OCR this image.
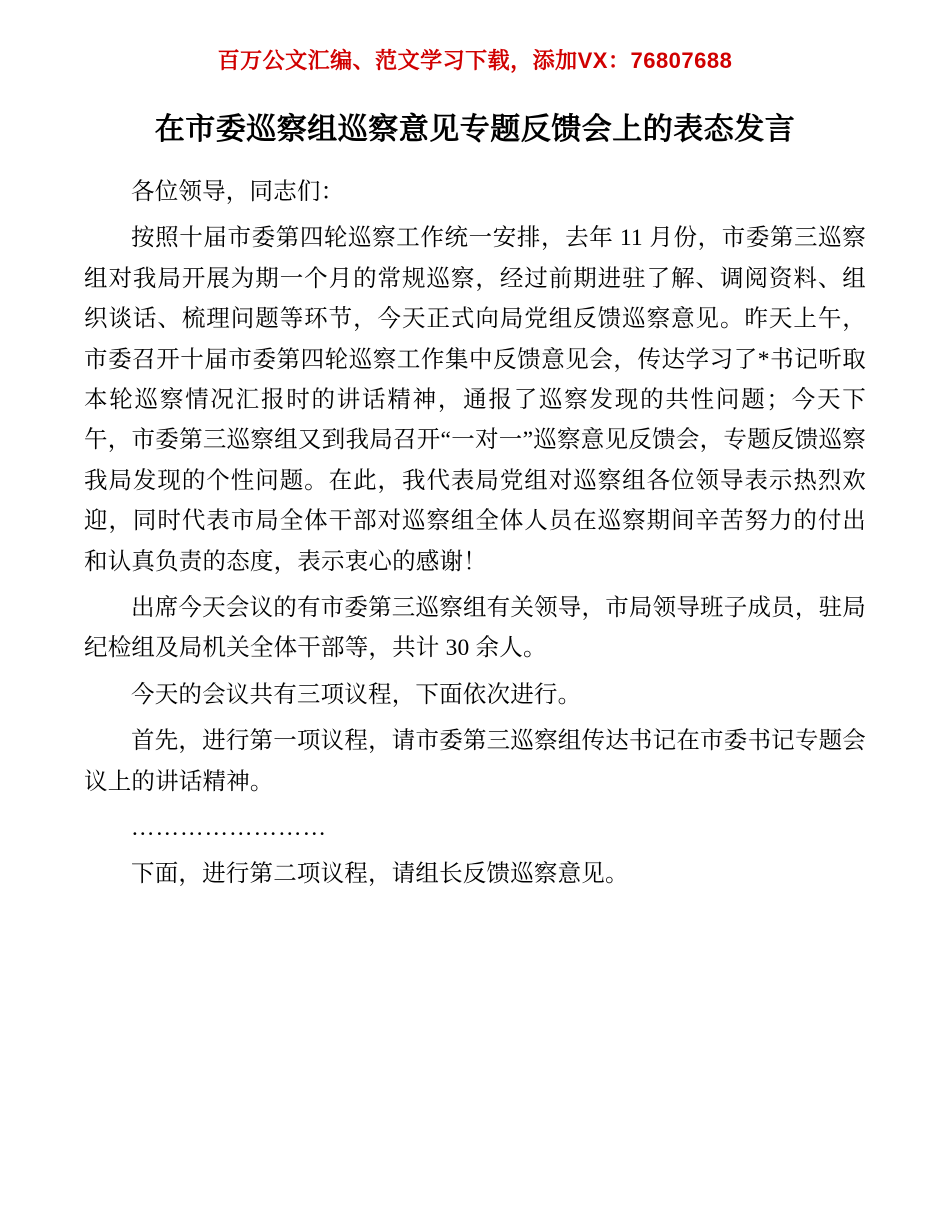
百万公文汇编、范文学习下载，添加VX：76807688
在市委巡察组巡察意见专题反馈会上的表态发言

各位领导，同志们：

按照十届市委第四轮巡察工作统一安排，去年 11 月份，市委第三巡察组对我局开展为期一个月的常规巡察，经过前期进驻了解、调阅资料、组织谈话、梳理问题等环节，今天正式向局党组反馈巡察意见。昨天上午，市委召开十届市委第四轮巡察工作集中反馈意见会，传达学习了*书记听取本轮巡察情况汇报时的讲话精神，通报了巡察发现的共性问题；今天下午，市委第三巡察组又到我局召开“一对一”巡察意见反馈会，专题反馈巡察我局发现的个性问题。在此，我代表局党组对巡察组各位领导表示热烈欢迎，同时代表市局全体干部对巡察组全体人员在巡察期间辛苦努力的付出和认真负责的态度，表示衷心的感谢！

出席今天会议的有市委第三巡察组有关领导，市局领导班子成员，驻局纪检组及局机关全体干部等，共计 30 余人。

今天的会议共有三项议程，下面依次进行。

首先，进行第一项议程，请市委第三巡察组传达书记在市委书记专题会议上的讲话精神。

……………………

下面，进行第二项议程，请组长反馈巡察意见。
